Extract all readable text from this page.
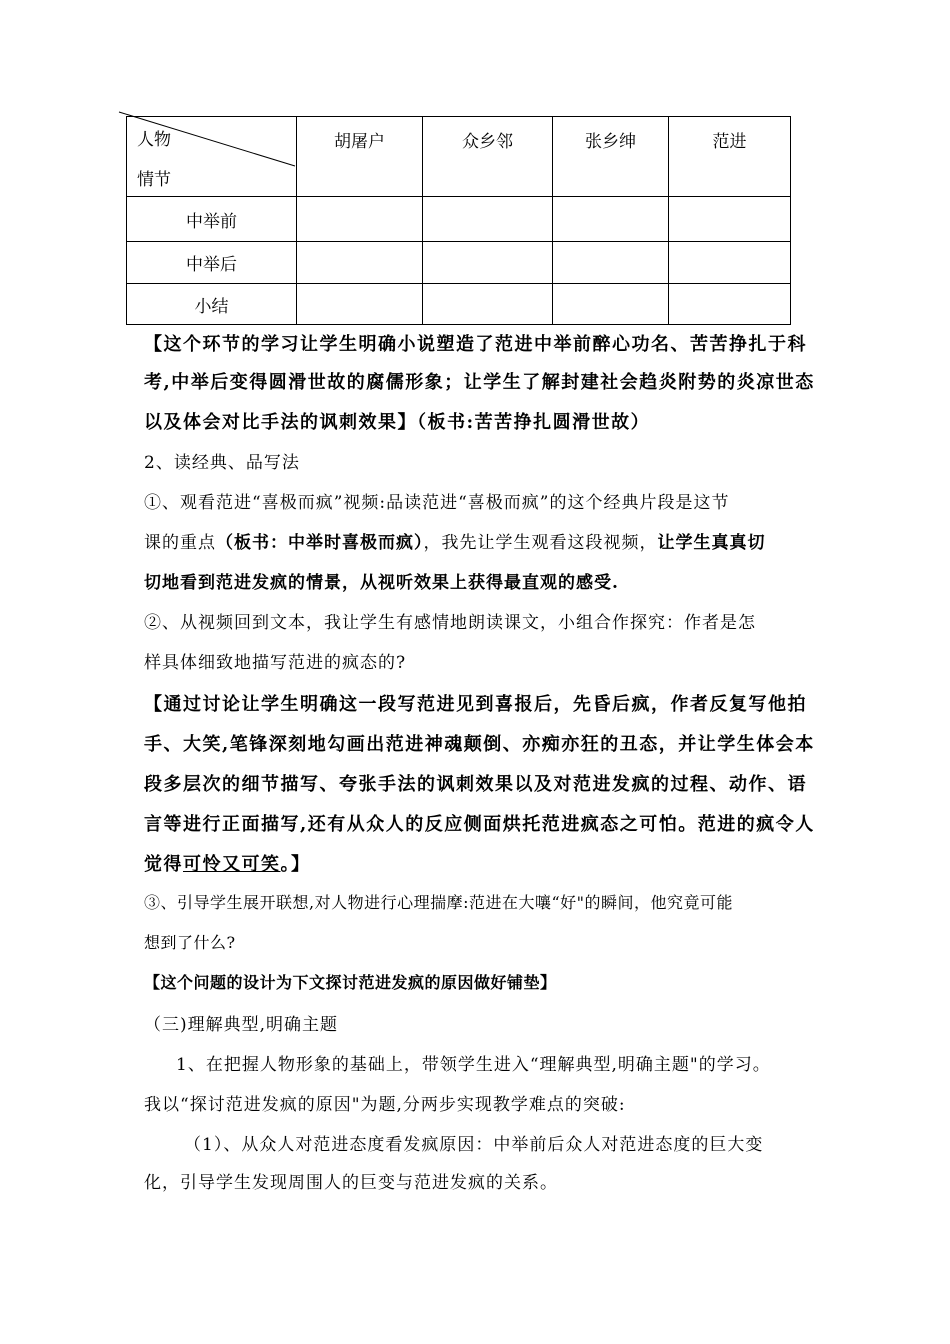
人物
情节	胡屠户	众乡邻	张乡绅	范进
中举前				
中举后				
小结				
【这个环节的学习让学生明确小说塑造了范进中举前醉心功名、苦苦挣扎于科
考,中举后变得圆滑世故的腐儒形象；让学生了解封建社会趋炎附势的炎凉世态
以及体会对比手法的讽刺效果】（板书:苦苦挣扎圆滑世故）
2、读经典、品写法
①、观看范进“喜极而疯”视频:品读范进“喜极而疯”的这个经典片段是这节
课的重点（板书：中举时喜极而疯），我先让学生观看这段视频，让学生真真切
切地看到范进发疯的情景，从视听效果上获得最直观的感受.
②、从视频回到文本，我让学生有感情地朗读课文，小组合作探究：作者是怎
样具体细致地描写范进的疯态的?
【通过讨论让学生明确这一段写范进见到喜报后，先昏后疯，作者反复写他拍
手、大笑,笔锋深刻地勾画出范进神魂颠倒、亦痴亦狂的丑态，并让学生体会本
段多层次的细节描写、夸张手法的讽刺效果以及对范进发疯的过程、动作、语
言等进行正面描写,还有从众人的反应侧面烘托范进疯态之可怕。范进的疯令人
觉得可怜又可笑。】
③、引导学生展开联想,对人物进行心理揣摩:范进在大嚷“好"的瞬间，他究竟可能
想到了什么?
【这个问题的设计为下文探讨范进发疯的原因做好铺垫】
（三)理解典型,明确主题
1、在把握人物形象的基础上，带领学生进入“理解典型,明确主题"的学习。
我以“探讨范进发疯的原因"为题,分两步实现教学难点的突破:
（1）、从众人对范进态度看发疯原因：中举前后众人对范进态度的巨大变
化，引导学生发现周围人的巨变与范进发疯的关系。
